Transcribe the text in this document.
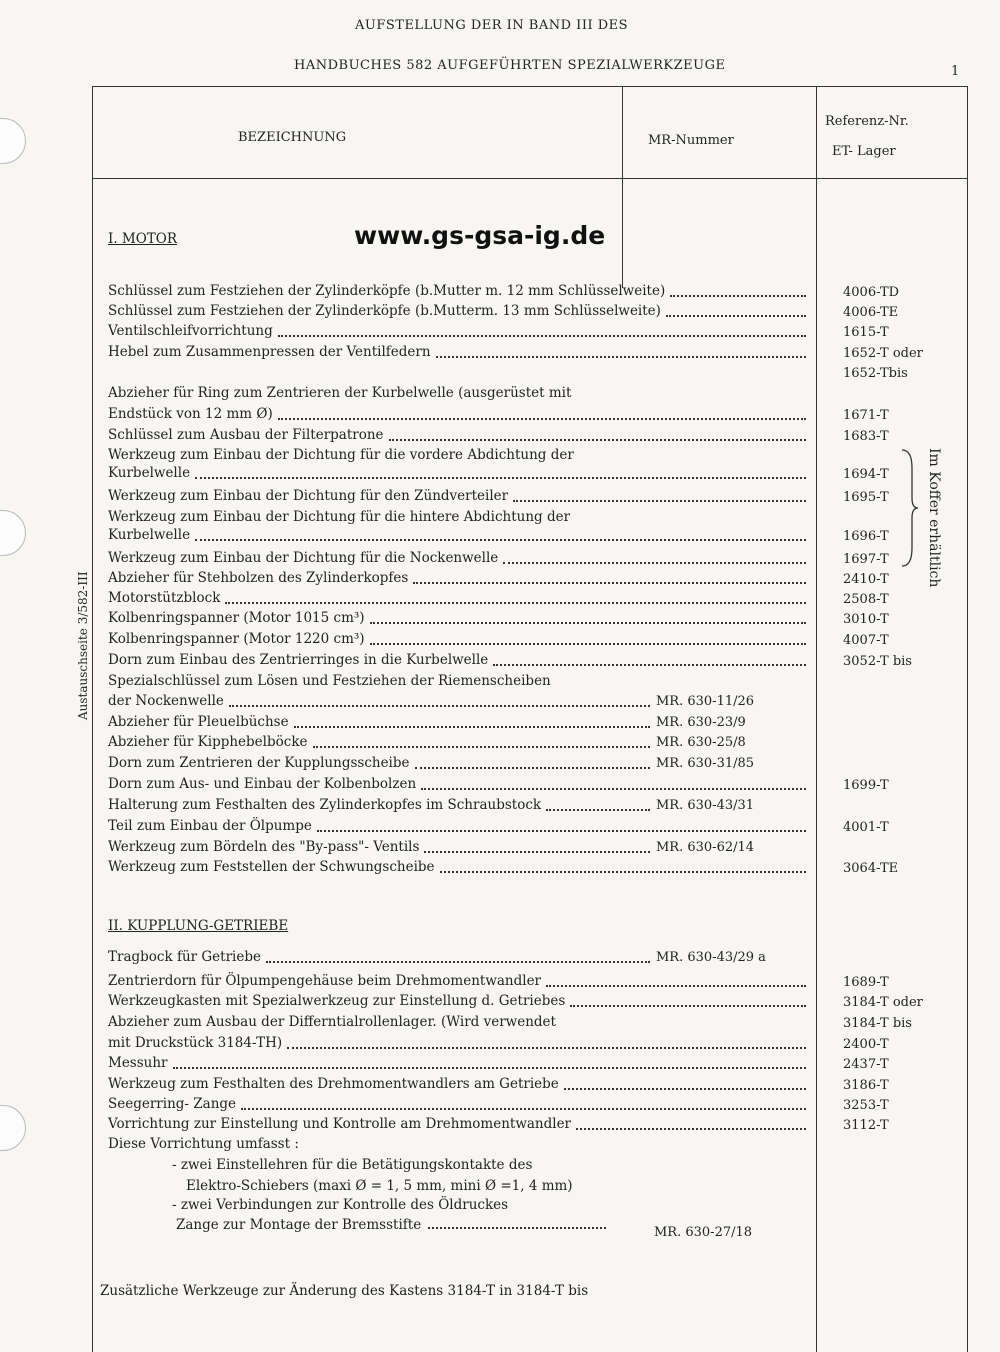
AUFSTELLUNG DER IN BAND III DES
HANDBUCHES 582 AUFGEFÜHRTEN SPEZIALWERKZEUGE	1
BEZEICHNUNG	MR-Nummer
Referenz-Nr.
ET- Lager
www.gs-gsa-ig.de
Austauschseite 3/582-III
Im Koffer erhältlich
I. MOTOR
Schlüssel zum Festziehen der Zylinderköpfe (b.Mutter m. 12 mm Schlüsselweite)	4006-TD
Schlüssel zum Festziehen der Zylinderköpfe (b.Mutterm. 13 mm Schlüsselweite)	4006-TE
Ventilschleifvorrichtung	1615-T
Hebel zum Zusammenpressen der Ventilfedern	1652-T oder
1652-Tbis
Abzieher für Ring zum Zentrieren der Kurbelwelle (ausgerüstet mit
Endstück von 12 mm Ø)	1671-T
Schlüssel zum Ausbau der Filterpatrone	1683-T
Werkzeug zum Einbau der Dichtung für die vordere Abdichtung der
Kurbelwelle	1694-T
Werkzeug zum Einbau der Dichtung für den Zündverteiler	1695-T
Werkzeug zum Einbau der Dichtung für die hintere Abdichtung der
Kurbelwelle	1696-T
Werkzeug zum Einbau der Dichtung für die Nockenwelle	1697-T
Abzieher für Stehbolzen des Zylinderkopfes	2410-T
Motorstützblock	2508-T
Kolbenringspanner (Motor 1015 cm³)	3010-T
Kolbenringspanner (Motor 1220 cm³)	4007-T
Dorn zum Einbau des Zentrierringes in die Kurbelwelle	3052-T bis
Spezialschlüssel zum Lösen und Festziehen der Riemenscheiben
der Nockenwelle	MR. 630-11/26
Abzieher für Pleuelbüchse	MR. 630-23/9
Abzieher für Kipphebelböcke	MR. 630-25/8
Dorn zum Zentrieren der Kupplungsscheibe	MR. 630-31/85
Dorn zum Aus- und Einbau der Kolbenbolzen	1699-T
Halterung zum Festhalten des Zylinderkopfes im Schraubstock	MR. 630-43/31
Teil zum Einbau der Ölpumpe	4001-T
Werkzeug zum Bördeln des "By-pass"- Ventils	MR. 630-62/14
Werkzeug zum Feststellen der Schwungscheibe	3064-TE
II. KUPPLUNG-GETRIEBE
Tragbock für Getriebe	MR. 630-43/29 a
Zentrierdorn für Ölpumpengehäuse beim Drehmomentwandler	1689-T
Werkzeugkasten mit Spezialwerkzeug zur Einstellung d. Getriebes	3184-T oder
Abzieher zum Ausbau der Differntialrollenlager. (Wird verwendet	3184-T bis
mit Druckstück 3184-TH)	2400-T
Messuhr	2437-T
Werkzeug zum Festhalten des Drehmomentwandlers am Getriebe	3186-T
Seegerring- Zange	3253-T
Vorrichtung zur Einstellung und Kontrolle am Drehmomentwandler	3112-T
Diese Vorrichtung umfasst :
- zwei Einstellehren für die Betätigungskontakte des
Elektro-Schiebers (maxi Ø = 1, 5 mm, mini Ø =1, 4 mm)
- zwei Verbindungen zur Kontrolle des Öldruckes
Zange zur Montage der Bremsstifte	MR. 630-27/18
Zusätzliche Werkzeuge zur Änderung des Kastens 3184-T in 3184-T bis
